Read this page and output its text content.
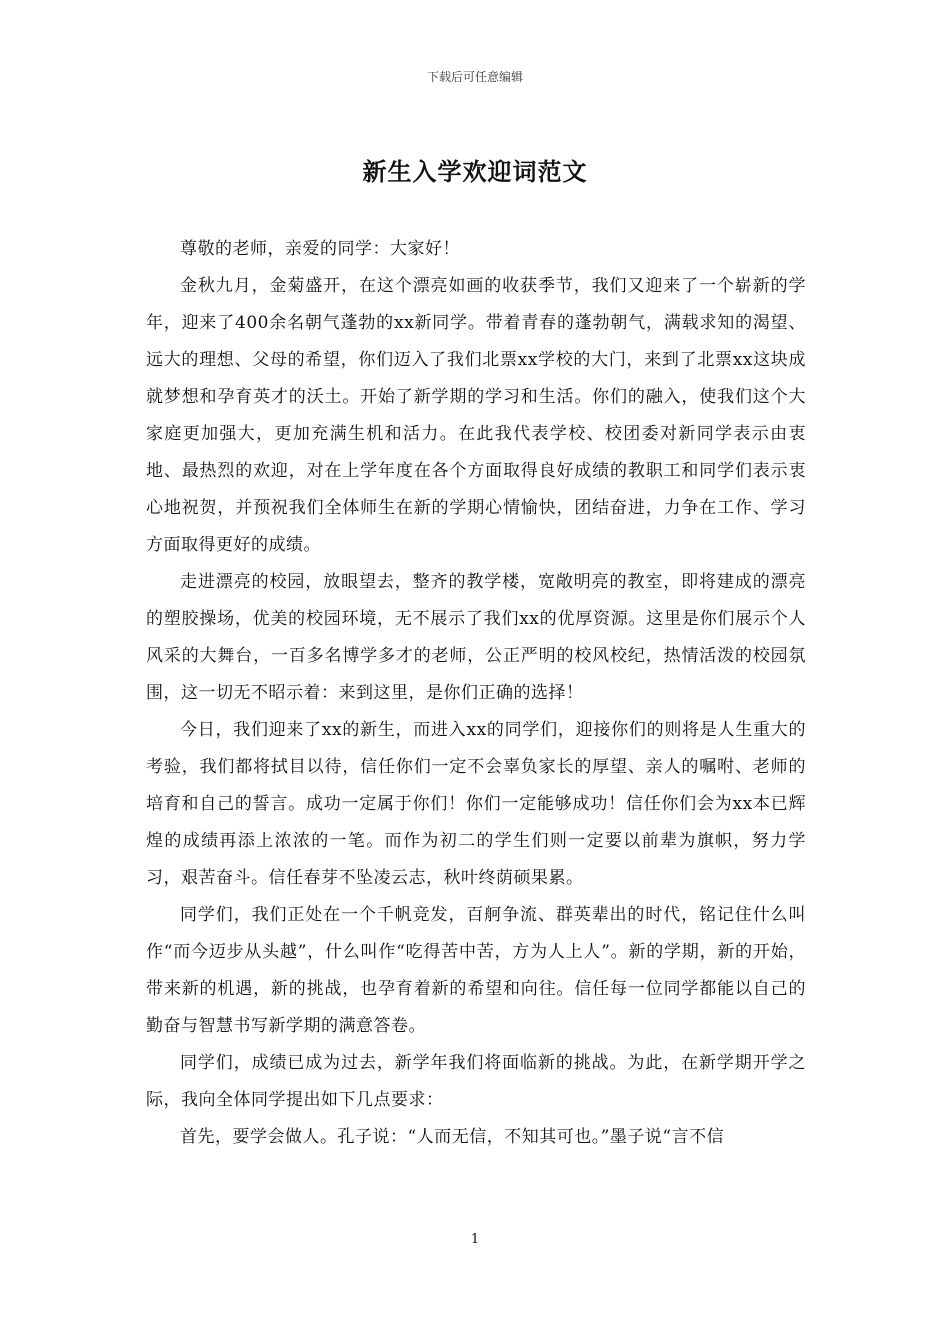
下载后可任意编辑
新生入学欢迎词范文

尊敬的老师，亲爱的同学：大家好！

金秋九月，金菊盛开，在这个漂亮如画的收获季节，我们又迎来了一个崭新的学年，迎来了400余名朝气蓬勃的xx新同学。带着青春的蓬勃朝气，满载求知的渴望、远大的理想、父母的希望，你们迈入了我们北票xx学校的大门，来到了北票xx这块成就梦想和孕育英才的沃土。开始了新学期的学习和生活。你们的融入，使我们这个大家庭更加强大，更加充满生机和活力。在此我代表学校、校团委对新同学表示由衷地、最热烈的欢迎，对在上学年度在各个方面取得良好成绩的教职工和同学们表示衷心地祝贺，并预祝我们全体师生在新的学期心情愉快，团结奋进，力争在工作、学习方面取得更好的成绩。

走进漂亮的校园，放眼望去，整齐的教学楼，宽敞明亮的教室，即将建成的漂亮的塑胶操场，优美的校园环境，无不展示了我们xx的优厚资源。这里是你们展示个人风采的大舞台，一百多名博学多才的老师，公正严明的校风校纪，热情活泼的校园氛围，这一切无不昭示着：来到这里，是你们正确的选择！

今日，我们迎来了xx的新生，而进入xx的同学们，迎接你们的则将是人生重大的考验，我们都将拭目以待，信任你们一定不会辜负家长的厚望、亲人的嘱咐、老师的培育和自己的誓言。成功一定属于你们！你们一定能够成功！信任你们会为xx本已辉煌的成绩再添上浓浓的一笔。而作为初二的学生们则一定要以前辈为旗帜，努力学习，艰苦奋斗。信任春芽不坠凌云志，秋叶终荫硕果累。

同学们，我们正处在一个千帆竞发，百舸争流、群英辈出的时代，铭记住什么叫作“而今迈步从头越”，什么叫作“吃得苦中苦，方为人上人”。新的学期，新的开始，带来新的机遇，新的挑战，也孕育着新的希望和向往。信任每一位同学都能以自己的勤奋与智慧书写新学期的满意答卷。

同学们，成绩已成为过去，新学年我们将面临新的挑战。为此，在新学期开学之际，我向全体同学提出如下几点要求：

首先，要学会做人。孔子说：“人而无信，不知其可也。”墨子说“言不信

1
